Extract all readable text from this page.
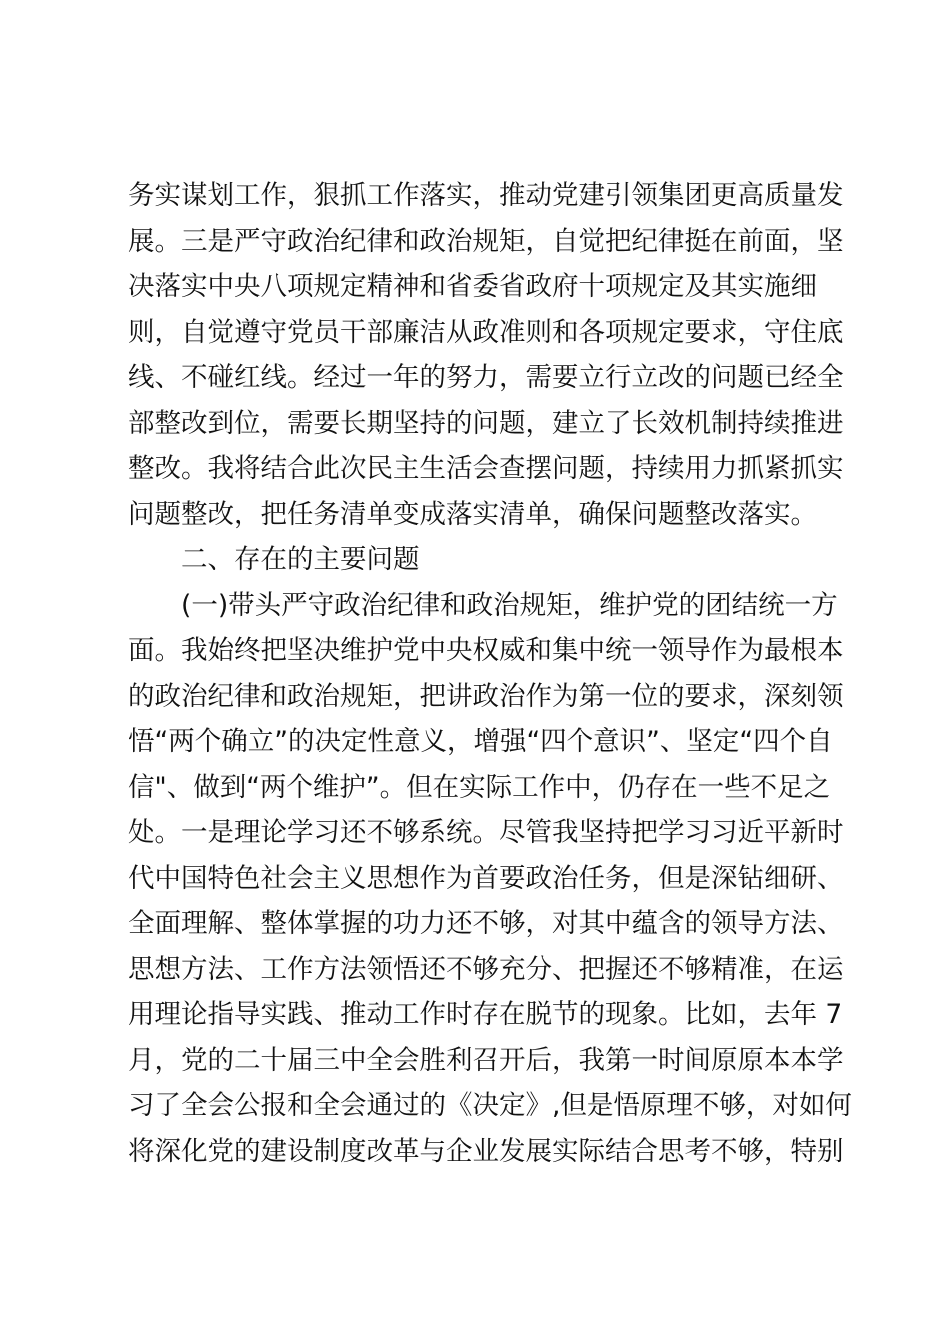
务实谋划工作，狠抓工作落实，推动党建引领集团更高质量发
展。三是严守政治纪律和政治规矩，自觉把纪律挺在前面，坚
决落实中央八项规定精神和省委省政府十项规定及其实施细
则，自觉遵守党员干部廉洁从政准则和各项规定要求，守住底
线、不碰红线。经过一年的努力，需要立行立改的问题已经全
部整改到位，需要长期坚持的问题，建立了长效机制持续推进
整改。我将结合此次民主生活会查摆问题，持续用力抓紧抓实
问题整改，把任务清单变成落实清单，确保问题整改落实。
二、存在的主要问题
(一)带头严守政治纪律和政治规矩，维护党的团结统一方
面。我始终把坚决维护党中央权威和集中统一领导作为最根本
的政治纪律和政治规矩，把讲政治作为第一位的要求，深刻领
悟“两个确立”的决定性意义，增强“四个意识”、坚定“四个自
信"、做到“两个维护”。但在实际工作中，仍存在一些不足之
处。一是理论学习还不够系统。尽管我坚持把学习习近平新时
代中国特色社会主义思想作为首要政治任务，但是深钻细研、
全面理解、整体掌握的功力还不够，对其中蕴含的领导方法、
思想方法、工作方法领悟还不够充分、把握还不够精准，在运
用理论指导实践、推动工作时存在脱节的现象。比如，去年 7
月，党的二十届三中全会胜利召开后，我第一时间原原本本学
习了全会公报和全会通过的《决定》,但是悟原理不够，对如何
将深化党的建设制度改革与企业发展实际结合思考不够，特别
